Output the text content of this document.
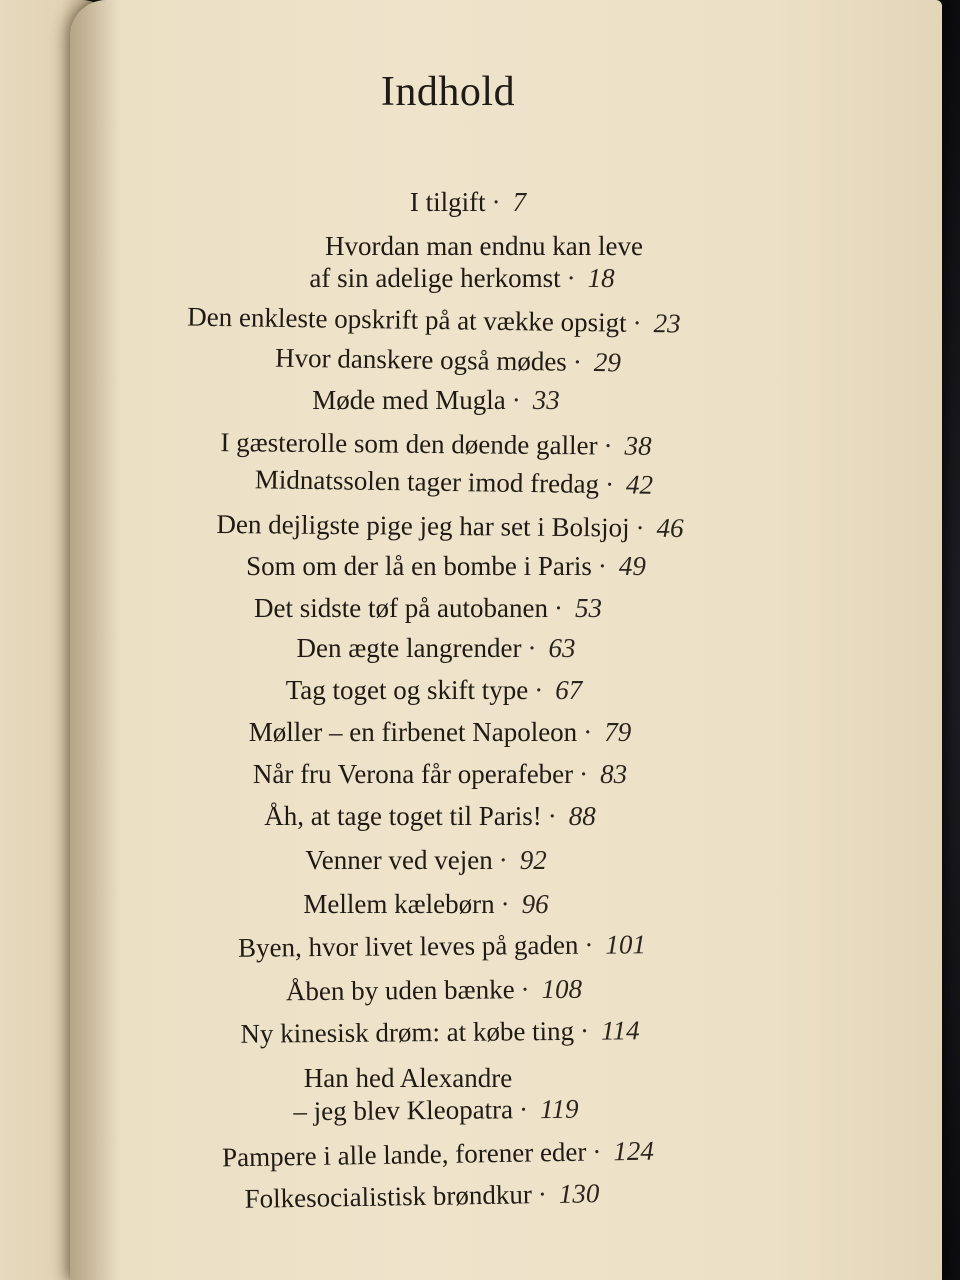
Indhold
I tilgift · 7
Hvordan man endnu kan leve
af sin adelige herkomst · 18
Den enkleste opskrift på at vække opsigt · 23
Hvor danskere også mødes · 29
Møde med Mugla · 33
I gæsterolle som den døende galler · 38
Midnatssolen tager imod fredag · 42
Den dejligste pige jeg har set i Bolsjoj · 46
Som om der lå en bombe i Paris · 49
Det sidste tøf på autobanen · 53
Den ægte langrender · 63
Tag toget og skift type · 67
Møller – en firbenet Napoleon · 79
Når fru Verona får operafeber · 83
Åh, at tage toget til Paris! · 88
Venner ved vejen · 92
Mellem kælebørn · 96
Byen, hvor livet leves på gaden · 101
Åben by uden bænke · 108
Ny kinesisk drøm: at købe ting · 114
Han hed Alexandre
– jeg blev Kleopatra · 119
Pampere i alle lande, forener eder · 124
Folkesocialistisk brøndkur · 130
